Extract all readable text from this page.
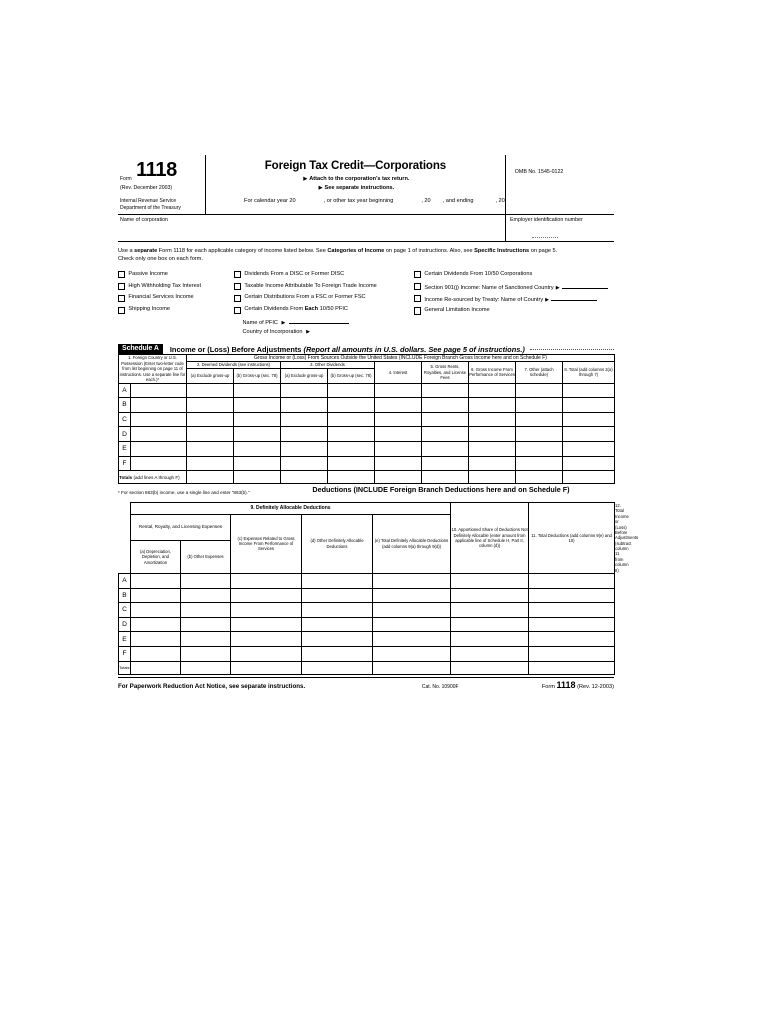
Form 1118
(Rev. December 2003)
Internal Revenue Service
Department of the Treasury
Foreign Tax Credit—Corporations
▶ Attach to the corporation's tax return.
▶ See separate instructions.
For calendar year 20	, or other tax year beginning	, 20 , and ending	, 20
OMB No. 1545-0122
Name of corporation	Employer identification number
Use a separate Form 1118 for each applicable category of income listed below. See Categories of Income on page 1 of instructions. Also, see Specific Instructions on page 5.
Check only one box on each form.
Passive Income
High Withholding Tax Interest
Financial Services Income
Shipping Income
Dividends From a DISC or Former DISC
Taxable Income Attributable To Foreign Trade Income
Certain Distributions From a FSC or Former FSC
Certain Dividends From Each 10/50 PFIC
Name of PFIC ▶
Country of Incorporation ▶
Certain Dividends From 10/50 Corporations
Section 901(j) Income: Name of Sanctioned Country ▶
Income Re-sourced by Treaty: Name of Country ▶
General Limitation Income
Schedule A	Income or (Loss) Before Adjustments (Report all amounts in U.S. dollars. See page 5 of instructions.)
1. Foreign Country or U.S. Possession (Enter two-letter code from list beginning on page 11 of instructions. Use a separate line for each.)*		Gross Income or (Loss) From Sources Outside the United States (INCLUDE Foreign Branch Gross Income here and on Schedule F)								
		2. Deemed Dividends (see instructions)		3. Other Dividends		4. Interest	5. Gross Rents, Royalties, and License Fees	6. Gross Income From Performance of Services	7. Other (attach schedule)	8. Total (add columns 2(a) through 7)
		(a) Exclude gross-up	(b) Gross-up (sec. 78)	(a) Exclude gross-up	(b) Gross-up (sec. 78)					
A										
B										
C										
D										
E										
F										
Totals (add lines A through F)										
* For section 863(b) income, use a single line and enter “863(b).”	Deductions (INCLUDE Foreign Branch Deductions here and on Schedule F)
	9. Definitely Allocable Deductions					10. Apportioned Share of Deductions Not Definitely Allocable (enter amount from applicable line of Schedule H, Part II, column (d))	11. Total Deductions (add columns 9(e) and 10)	12. Total Income or (Loss) Before Adjustments (subtract column 11 from column 8)
	Rental, Royalty, and Licensing Expenses		(c) Expenses Related to Gross Income From Performance of Services	(d) Other Definitely Allocable Deductions	(e) Total Definitely Allocable Deductions (add columns 9(a) through 9(d))			
	(a) Depreciation, Depletion, and Amortization	(b) Other Expenses						
A								
B								
C								
D								
E								
F								
Totals								
For Paperwork Reduction Act Notice, see separate instructions.	Cat. No. 10900F	Form 1118 (Rev. 12-2003)
